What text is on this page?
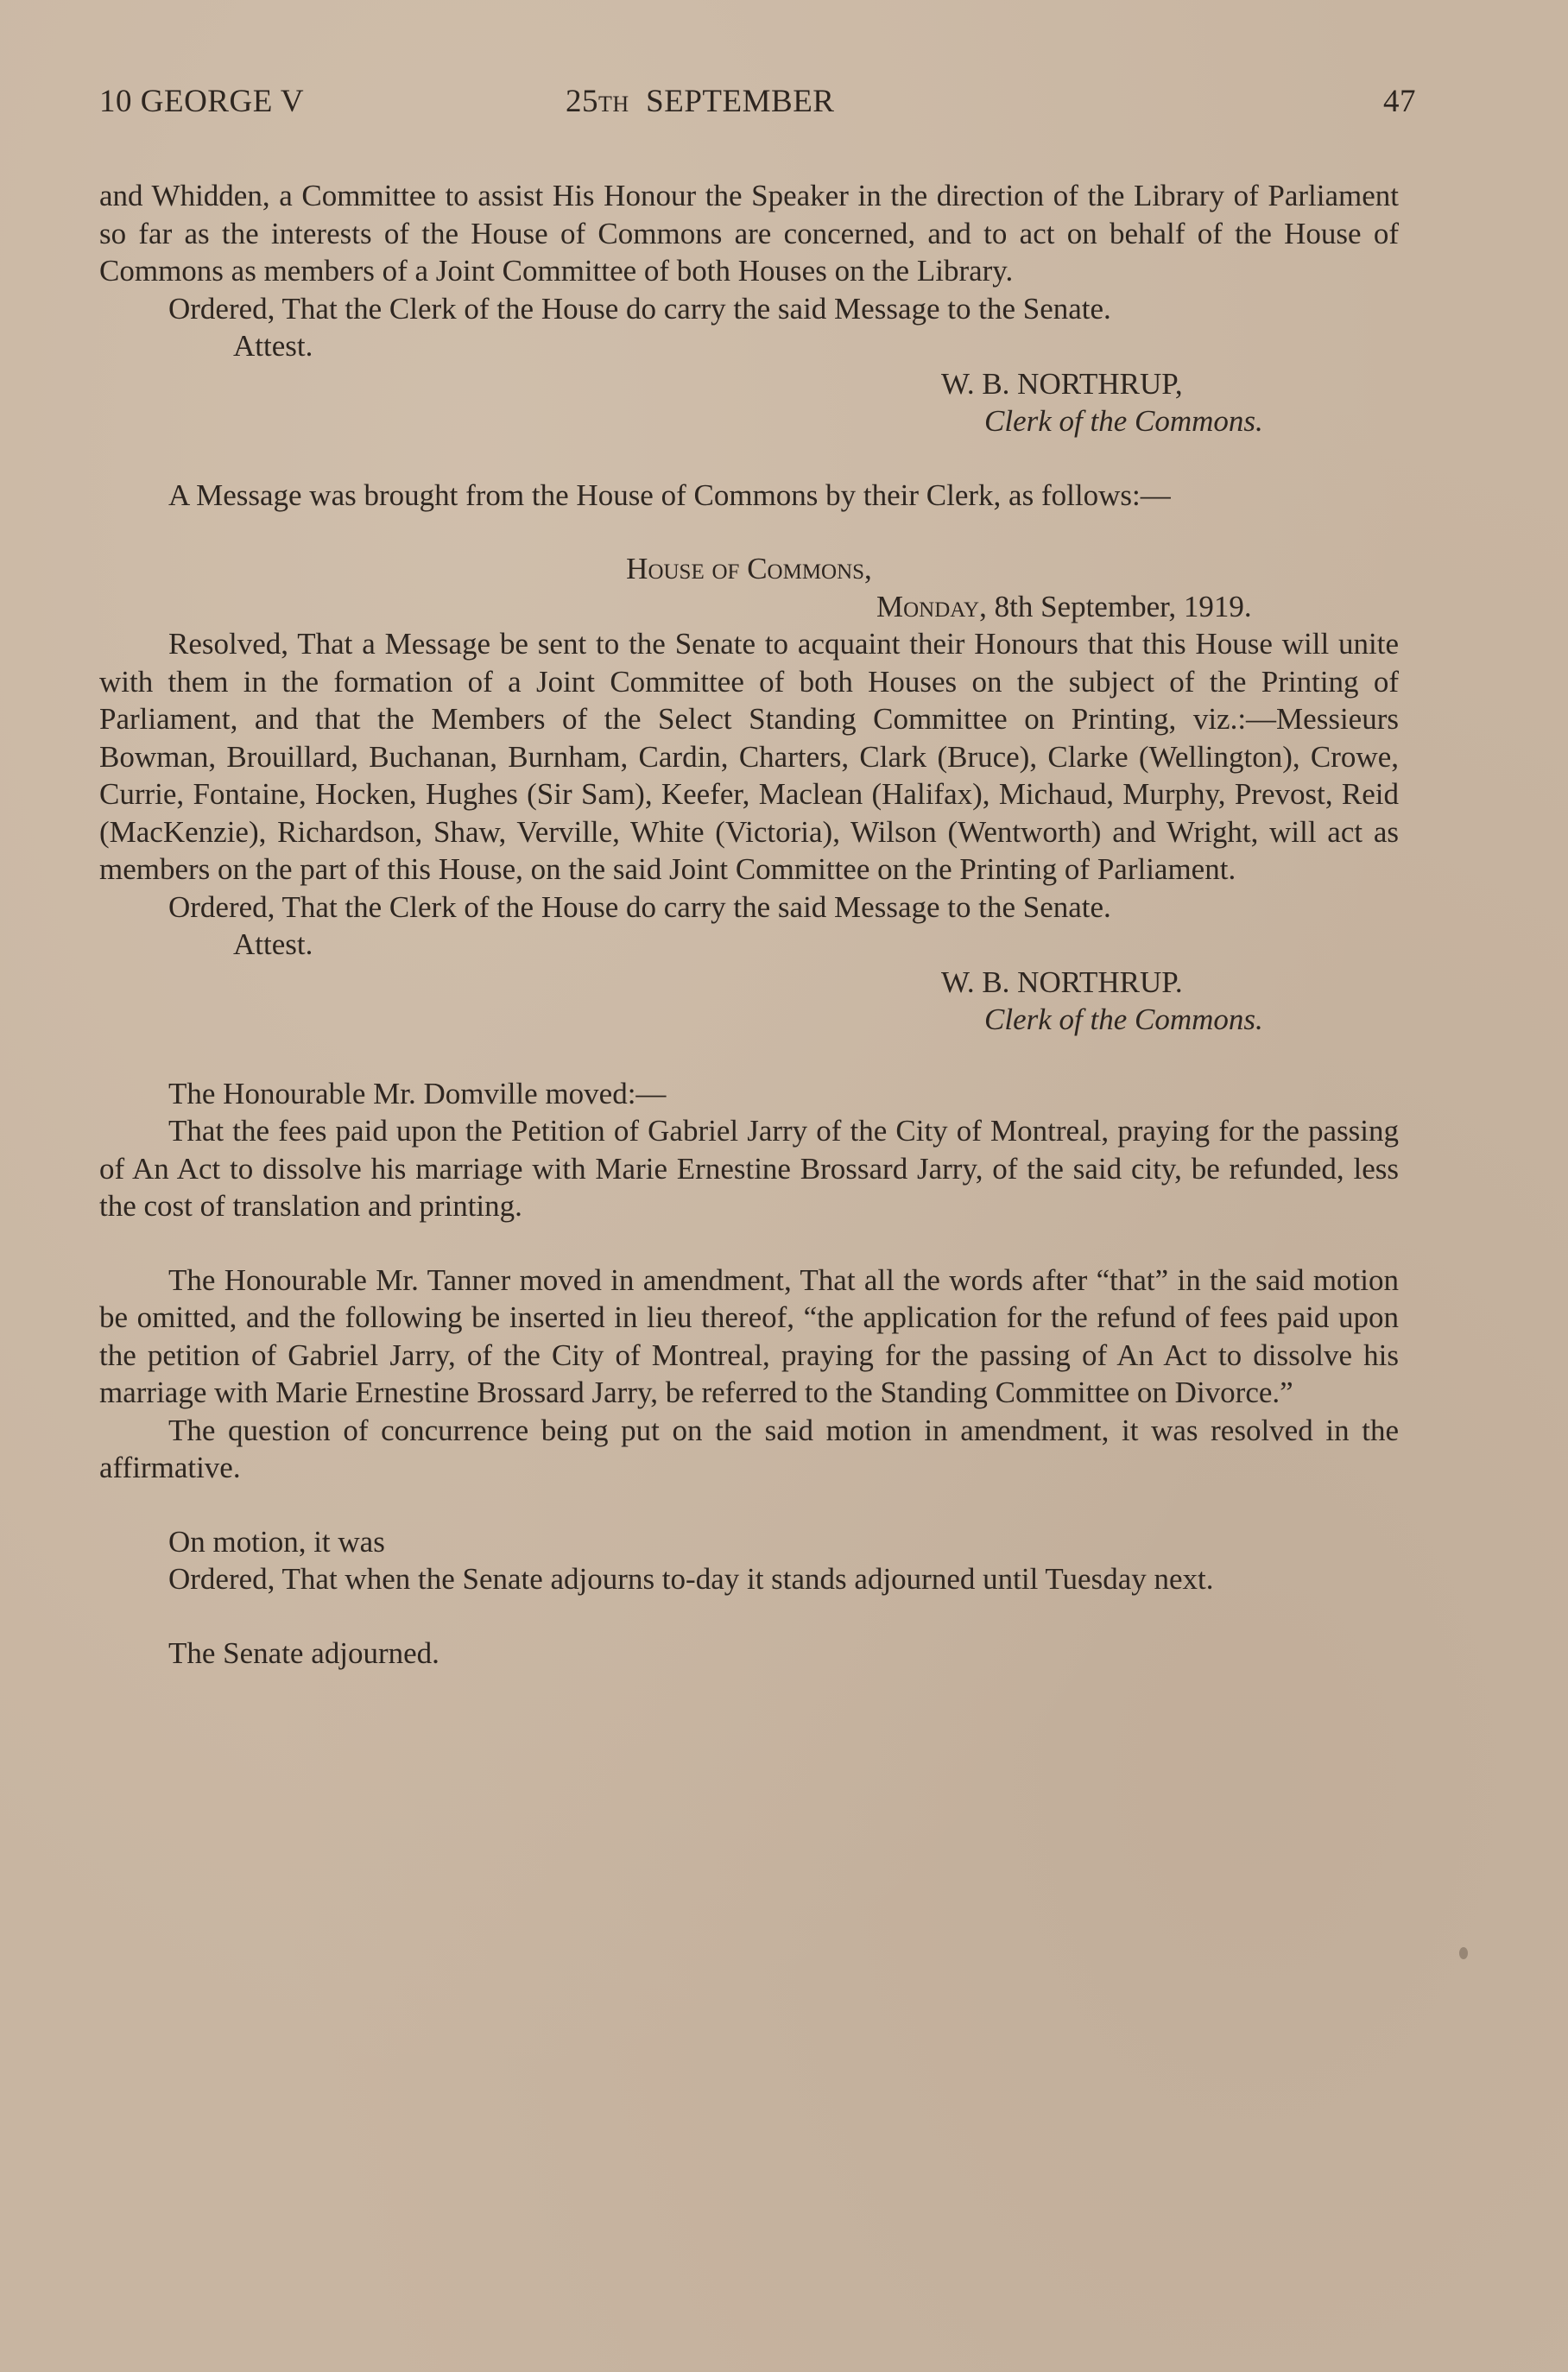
10 GEORGE V	25th SEPTEMBER	47

and Whidden, a Committee to assist His Honour the Speaker in the direction of the Library of Parliament so far as the interests of the House of Commons are concerned, and to act on behalf of the House of Commons as members of a Joint Committee of both Houses on the Library.

Ordered, That the Clerk of the House do carry the said Message to the Senate.

Attest.

W. B. NORTHRUP,

Clerk of the Commons.

A Message was brought from the House of Commons by their Clerk, as follows:—

House of Commons,

Monday, 8th September, 1919.

Resolved, That a Message be sent to the Senate to acquaint their Honours that this House will unite with them in the formation of a Joint Committee of both Houses on the subject of the Printing of Parliament, and that the Members of the Select Standing Committee on Printing, viz.:—Messieurs Bowman, Brouillard, Buchanan, Burnham, Cardin, Charters, Clark (Bruce), Clarke (Wellington), Crowe, Currie, Fontaine, Hocken, Hughes (Sir Sam), Keefer, Maclean (Halifax), Michaud, Murphy, Prevost, Reid (MacKenzie), Richardson, Shaw, Verville, White (Victoria), Wilson (Wentworth) and Wright, will act as members on the part of this House, on the said Joint Committee on the Printing of Parliament.

Ordered, That the Clerk of the House do carry the said Message to the Senate.

Attest.

W. B. NORTHRUP.

Clerk of the Commons.

The Honourable Mr. Domville moved:—

That the fees paid upon the Petition of Gabriel Jarry of the City of Montreal, praying for the passing of An Act to dissolve his marriage with Marie Ernestine Brossard Jarry, of the said city, be refunded, less the cost of translation and printing.

The Honourable Mr. Tanner moved in amendment, That all the words after “that” in the said motion be omitted, and the following be inserted in lieu thereof, “the application for the refund of fees paid upon the petition of Gabriel Jarry, of the City of Montreal, praying for the passing of An Act to dissolve his marriage with Marie Ernestine Brossard Jarry, be referred to the Standing Committee on Divorce.”

The question of concurrence being put on the said motion in amendment, it was resolved in the affirmative.

On motion, it was

Ordered, That when the Senate adjourns to-day it stands adjourned until Tuesday next.

The Senate adjourned.
